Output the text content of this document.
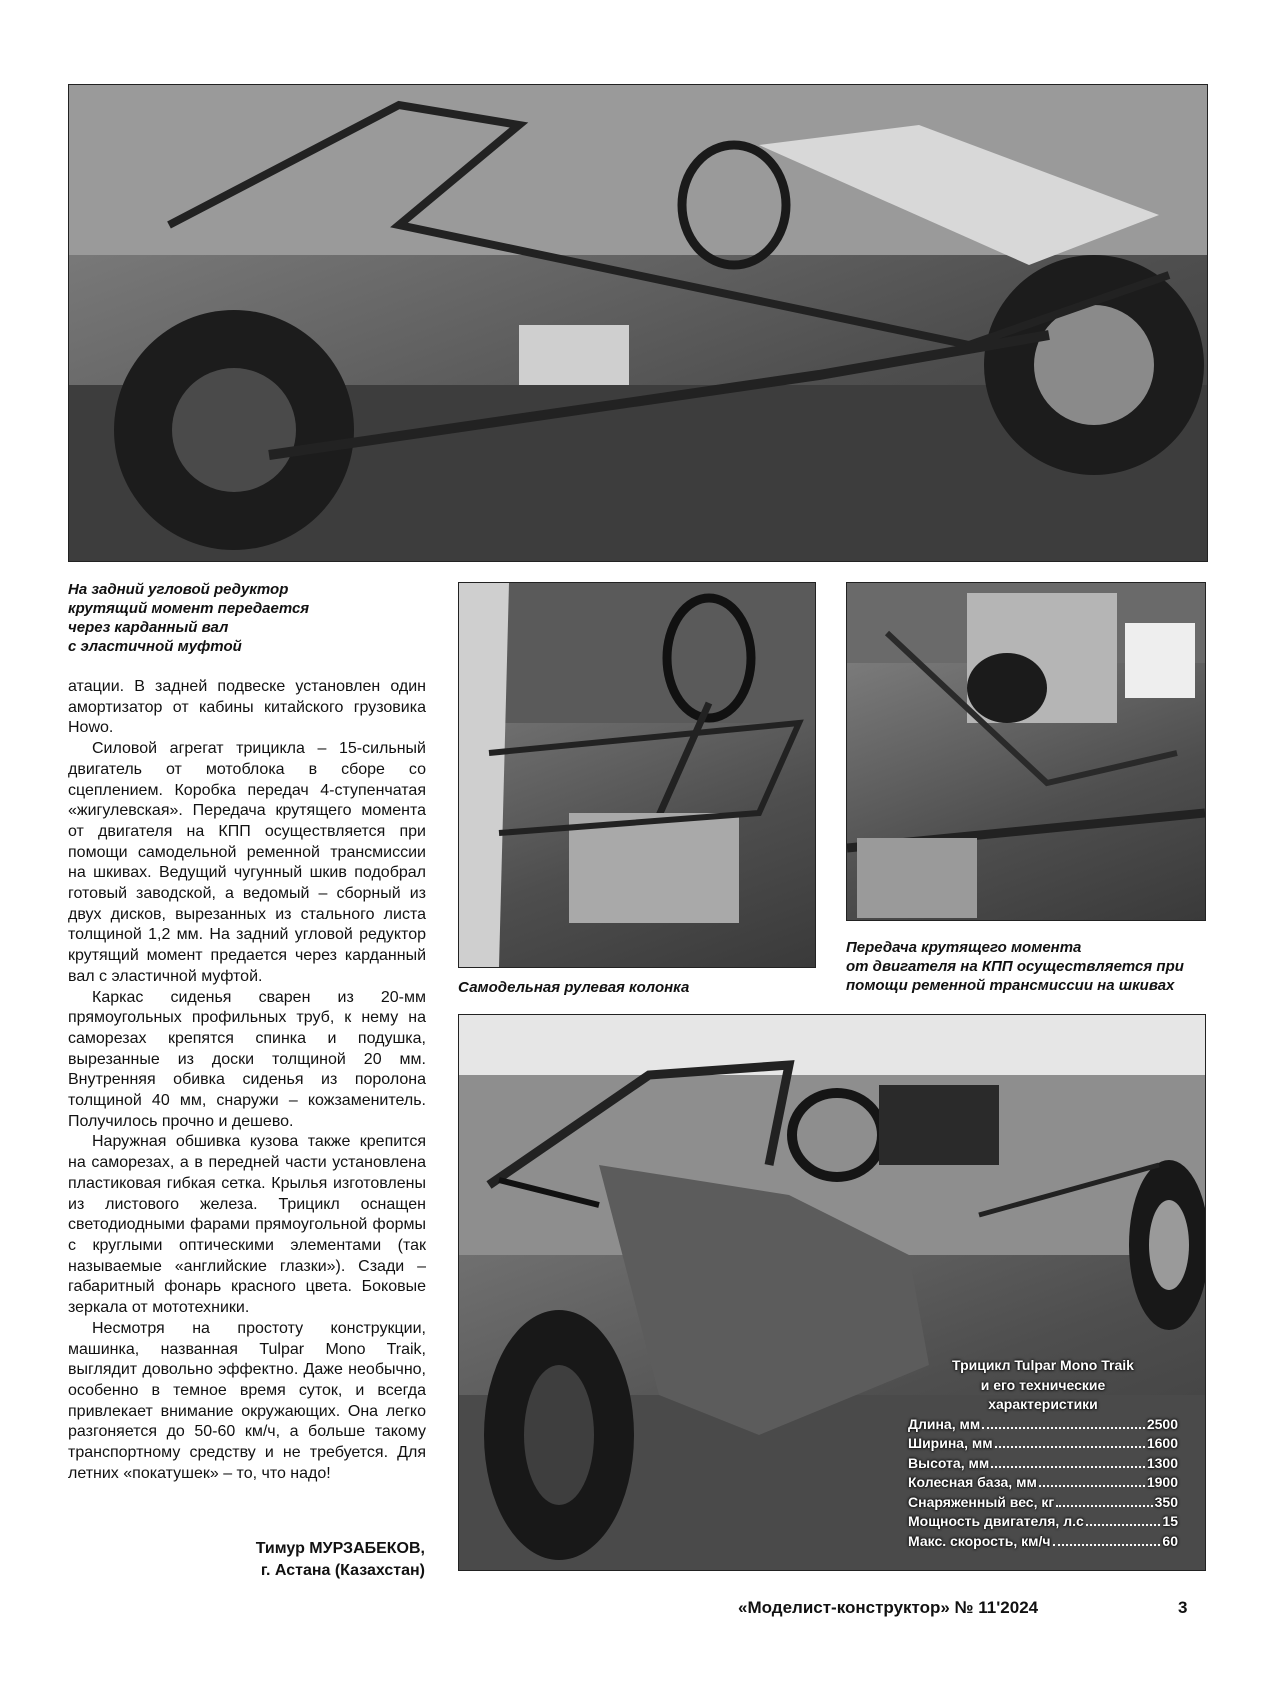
На задний угловой редуктор
крутящий момент передается
через карданный вал
с эластичной муфтой
Самодельная рулевая колонка
Передача крутящего момента
от двигателя на КПП осуществляется при
помощи ременной трансмиссии на шкивах

атации. В задней подвеске установлен один амортизатор от кабины китайского грузовика Howo.

Силовой агрегат трицикла – 15-сильный двигатель от мотоблока в сборе со сцеплением. Коробка передач 4-ступенчатая «жигулевская». Передача крутящего момента от двигателя на КПП осуществляется при помощи самодельной ременной трансмиссии на шкивах. Ведущий чугунный шкив подобрал готовый заводской, а ведомый – сборный из двух дисков, вырезанных из стального листа толщиной 1,2 мм. На задний угловой редуктор крутящий момент предается через карданный вал с эластичной муфтой.

Каркас сиденья сварен из 20-мм прямоугольных профильных труб, к нему на саморезах крепятся спинка и подушка, вырезанные из доски толщиной 20 мм. Внутренняя обивка сиденья из поролона толщиной 40 мм, снаружи – кожзаменитель. Получилось прочно и дешево.

Наружная обшивка кузова также крепится на саморезах, а в передней части установлена пластиковая гибкая сетка. Крылья изготовлены из листового железа. Трицикл оснащен светодиодными фарами прямоугольной формы с круглыми оптическими элементами (так называемые «английские глазки»). Сзади – габаритный фонарь красного цвета. Боковые зеркала от мототехники.

Несмотря на простоту конструкции, машинка, названная Tulpar Mono Traik, выглядит довольно эффектно. Даже необычно, особенно в темное время суток, и всегда привлекает внимание окружающих. Она легко разгоняется до 50-60 км/ч, а больше такому транспортному средству и не требуется. Для летних «покатушек» – то, что надо!

Тимур МУРЗАБЕКОВ,
г. Астана (Казахстан)
Трицикл Tulpar Mono Traik
и его технические
характеристики
Длина, мм	2500
Ширина, мм	1600
Высота, мм	1300
Колесная база, мм	1900
Снаряженный вес, кг	350
Мощность двигателя, л.с	15
Макс. скорость, км/ч	60
«Моделист-конструктор» № 11'2024	3
